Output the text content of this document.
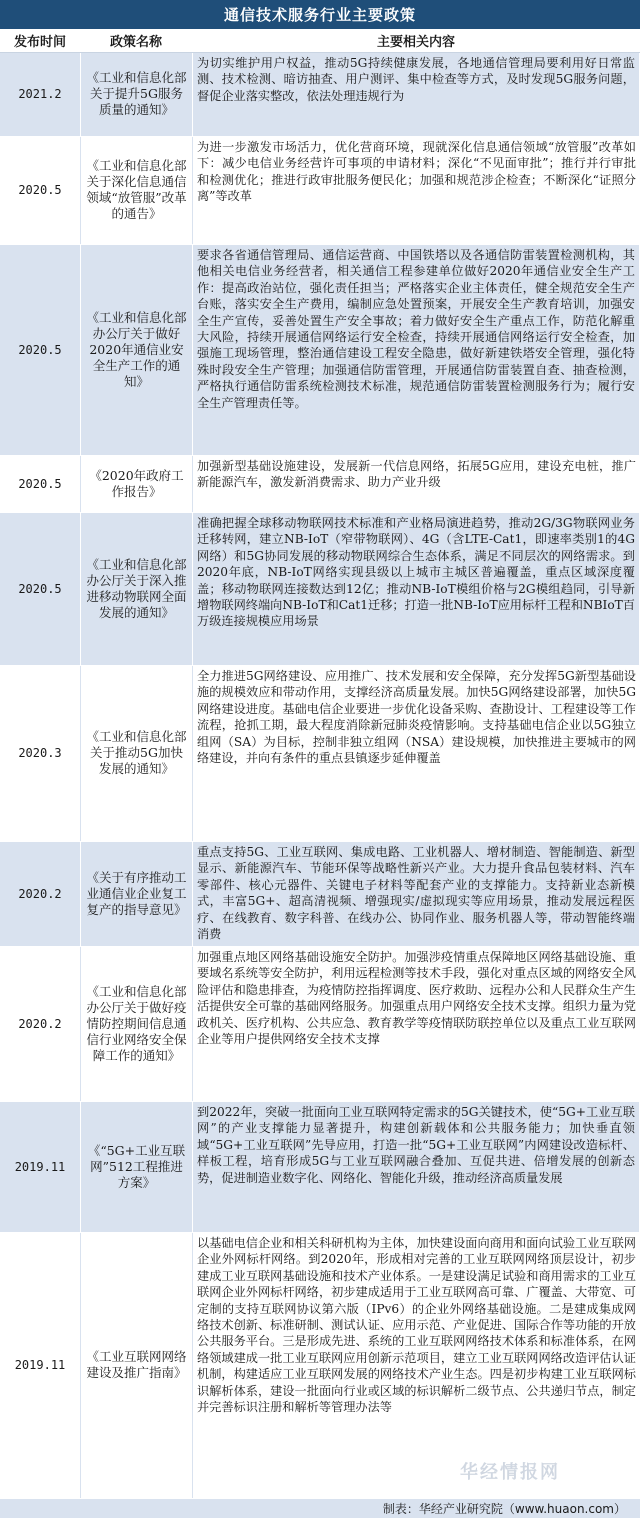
通信技术服务行业主要政策
发布时间	政策名称	主要相关内容
2021.2
《工业和信息化部关于提升5G服务质量的通知》
为切实维护用户权益，推动5G持续健康发展，各地通信管理局要利用好日常监测、技术检测、暗访抽查、用户测评、集中检查等方式，及时发现5G服务问题，督促企业落实整改，依法处理违规行为
2020.5
《工业和信息化部关于深化信息通信领域“放管服”改革的通告》
为进一步激发市场活力，优化营商环境，现就深化信息通信领域“放管服”改革如下：减少电信业务经营许可事项的申请材料；深化“不见面审批”；推行并行审批和检测优化；推进行政审批服务便民化；加强和规范涉企检查；不断深化“证照分离”等改革
2020.5
《工业和信息化部办公厅关于做好2020年通信业安全生产工作的通知》
要求各省通信管理局、通信运营商、中国铁塔以及各通信防雷装置检测机构，其他相关电信业务经营者，相关通信工程参建单位做好2020年通信业安全生产工作：提高政治站位，强化责任担当；严格落实企业主体责任，健全规范安全生产台账，落实安全生产费用，编制应急处置预案，开展安全生产教育培训，加强安全生产宣传，妥善处置生产安全事故；着力做好安全生产重点工作，防范化解重大风险，持续开展通信网络运行安全检查，持续开展通信网络运行安全检查，加强施工现场管理，整治通信建设工程安全隐患，做好新建铁塔安全管理，强化特殊时段安全生产管理；加强通信防雷管理，开展通信防雷装置自查、抽查检测，严格执行通信防雷系统检测技术标准，规范通信防雷装置检测服务行为；履行安全生产管理责任等。
2020.5
《2020年政府工作报告》
加强新型基础设施建设，发展新一代信息网络，拓展5G应用，建设充电桩，推广新能源汽车，激发新消费需求、助力产业升级
2020.5
《工业和信息化部办公厅关于深入推进移动物联网全面发展的通知》
准确把握全球移动物联网技术标准和产业格局演进趋势，推动2G/3G物联网业务迁移转网，建立NB-IoT（窄带物联网）、4G（含LTE-Cat1，即速率类别1的4G网络）和5G协同发展的移动物联网综合生态体系，满足不同层次的网络需求。到2020年底，NB-IoT网络实现县级以上城市主城区普遍覆盖，重点区域深度覆盖；移动物联网连接数达到12亿；推动NB-IoT模组价格与2G模组趋同，引导新增物联网终端向NB-IoT和Cat1迁移；打造一批NB-IoT应用标杆工程和NBIoT百万级连接规模应用场景
2020.3
《工业和信息化部关于推动5G加快发展的通知》
全力推进5G网络建设、应用推广、技术发展和安全保障，充分发挥5G新型基础设施的规模效应和带动作用，支撑经济高质量发展。加快5G网络建设部署，加快5G网络建设进度。基础电信企业要进一步优化设备采购、查勘设计、工程建设等工作流程，抢抓工期，最大程度消除新冠肺炎疫情影响。支持基础电信企业以5G独立组网（SA）为目标，控制非独立组网（NSA）建设规模，加快推进主要城市的网络建设，并向有条件的重点县镇逐步延伸覆盖
2020.2
《关于有序推动工业通信业企业复工复产的指导意见》
重点支持5G、工业互联网、集成电路、工业机器人、增材制造、智能制造、新型显示、新能源汽车、节能环保等战略性新兴产业。大力提升食品包装材料、汽车零部件、核心元器件、关键电子材料等配套产业的支撑能力。支持新业态新模式，丰富5G+、超高清视频、增强现实/虚拟现实等应用场景，推动发展远程医疗、在线教育、数字科普、在线办公、协同作业、服务机器人等，带动智能终端消费
2020.2
《工业和信息化部办公厅关于做好疫情防控期间信息通信行业网络安全保障工作的通知》
加强重点地区网络基础设施安全防护。加强涉疫情重点保障地区网络基础设施、重要域名系统等安全防护，利用远程检测等技术手段，强化对重点区域的网络安全风险评估和隐患排查，为疫情防控指挥调度、医疗救助、远程办公和人民群众生产生活提供安全可靠的基础网络服务。加强重点用户网络安全技术支撑。组织力量为党政机关、医疗机构、公共应急、教育教学等疫情联防联控单位以及重点工业互联网企业等用户提供网络安全技术支撑
2019.11
《“5G+工业互联网”512工程推进方案》
到2022年，突破一批面向工业互联网特定需求的5G关键技术，使“5G+工业互联网”的产业支撑能力显著提升，构建创新载体和公共服务能力；加快垂直领域“5G+工业互联网”先导应用，打造一批“5G+工业互联网”内网建设改造标杆、样板工程，培育形成5G与工业互联网融合叠加、互促共进、倍增发展的创新态势，促进制造业数字化、网络化、智能化升级，推动经济高质量发展
2019.11
《工业互联网网络建设及推广指南》
以基础电信企业和相关科研机构为主体，加快建设面向商用和面向试验工业互联网企业外网标杆网络。到2020年，形成相对完善的工业互联网网络顶层设计，初步建成工业互联网基础设施和技术产业体系。一是建设满足试验和商用需求的工业互联网企业外网标杆网络，初步建成适用于工业互联网高可靠、广覆盖、大带宽、可定制的支持互联网协议第六版（IPv6）的企业外网络基础设施。二是建成集成网络技术创新、标准研制、测试认证、应用示范、产业促进、国际合作等功能的开放公共服务平台。三是形成先进、系统的工业互联网网络技术体系和标准体系，在网络领域建成一批工业互联网应用创新示范项目，建立工业互联网网络改造评估认证机制，构建适应工业互联网发展的网络技术产业生态。四是初步构建工业互联网标识解析体系，建设一批面向行业或区域的标识解析二级节点、公共递归节点，制定并完善标识注册和解析等管理办法等
制表：华经产业研究院（www.huaon.com）
华经情报网
